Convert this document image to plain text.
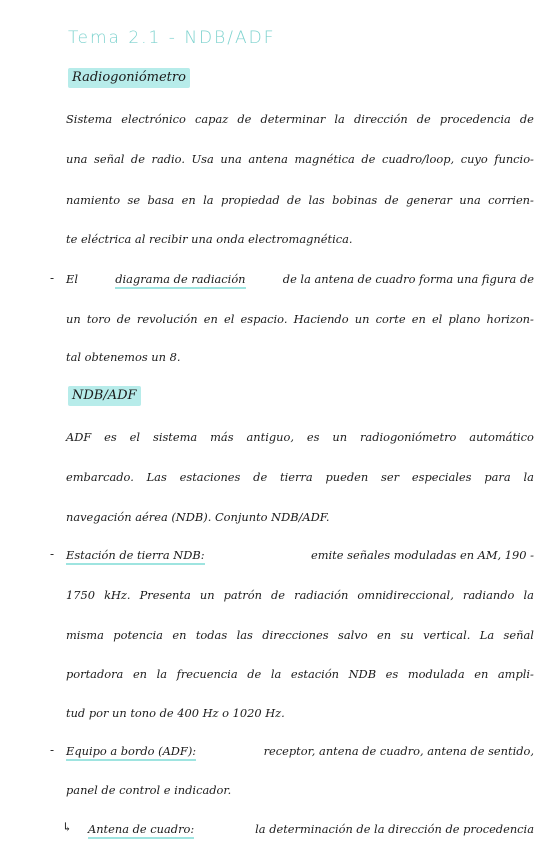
Tema 2.1 - NDB/ADF
Radiogoniómetro
Sistema electrónico capaz de determinar la dirección de procedencia de
una señal de radio. Usa una antena magnética de cuadro/loop, cuyo funcio-
namiento se basa en la propiedad de las bobinas de generar una corrien-
te eléctrica al recibir una onda electromagnética.
- El	diagrama de radiación	de la antena de cuadro forma una figura de
un toro de revolución en el espacio. Haciendo un corte en el plano horizon-
tal obtenemos un 8.
NDB/ADF
ADF es el sistema más antiguo, es un radiogoniómetro automático
embarcado. Las estaciones de tierra pueden ser especiales para la
navegación aérea (NDB). Conjunto NDB/ADF.
- Estación de tierra NDB:	emite señales moduladas en AM, 190 -
1750 kHz. Presenta un patrón de radiación omnidireccional, radiando la
misma potencia en todas las direcciones salvo en su vertical. La señal
portadora en la frecuencia de la estación NDB es modulada en ampli-
tud por un tono de 400 Hz o 1020 Hz.
- Equipo a bordo (ADF):	receptor, antena de cuadro, antena de sentido,
panel de control e indicador.
↳ Antena de cuadro:	la determinación de la dirección de procedencia
